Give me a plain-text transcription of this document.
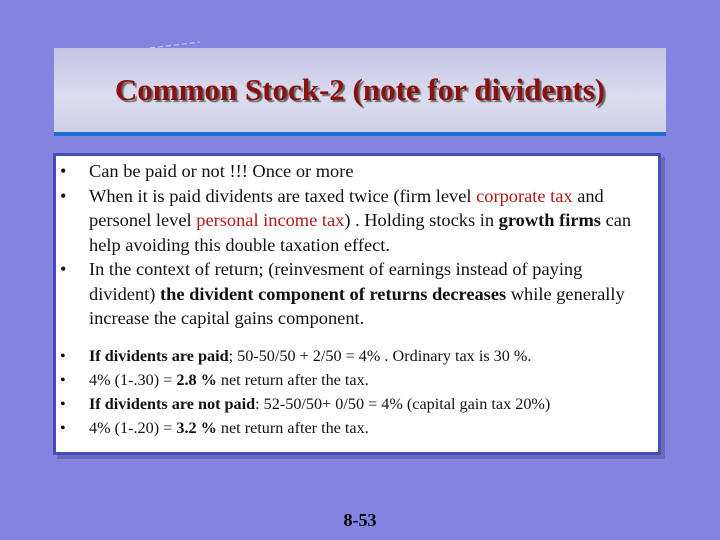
Common Stock-2 (note for dividents)
• Can be paid or not !!! Once or more
• When it is paid dividents are taxed twice (firm level corporate tax and personel level personal income tax) . Holding stocks in growth firms can help avoiding this double taxation effect.
• In the context of return; (reinvesment of earnings instead of paying divident) the divident component of returns decreases while generally increase the capital gains component.
• If dividents are paid; 50-50/50 + 2/50 = 4% . Ordinary tax is 30 %.
• 4% (1-.30) = 2.8 % net return after the tax.
• If dividents are not paid: 52-50/50+ 0/50 = 4% (capital gain tax 20%)
• 4% (1-.20) = 3.2 % net return after the tax.
8-53
